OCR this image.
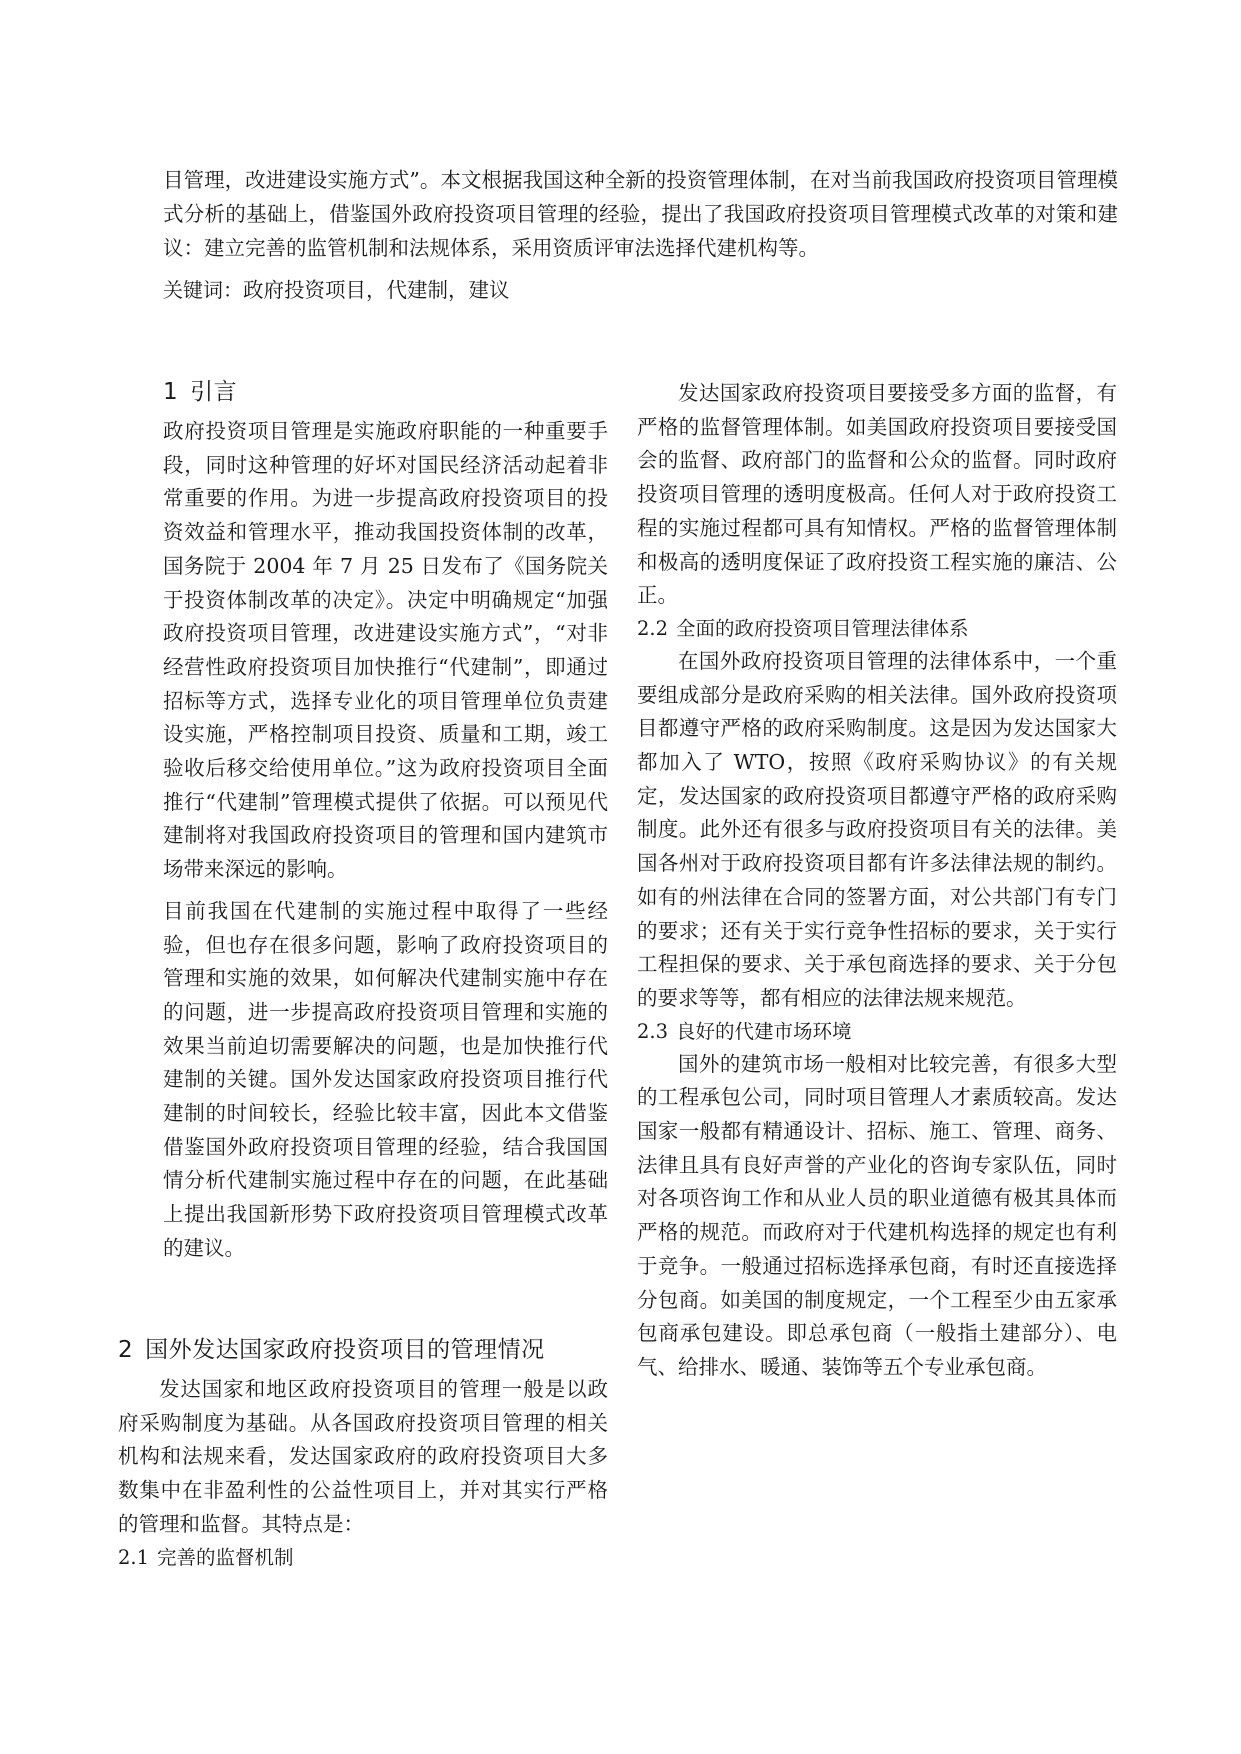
目管理，改进建设实施方式”。本文根据我国这种全新的投资管理体制，在对当前我国政府投资项目管理模式分析的基础上，借鉴国外政府投资项目管理的经验，提出了我国政府投资项目管理模式改革的对策和建议：建立完善的监管机制和法规体系，采用资质评审法选择代建机构等。

关键词：政府投资项目，代建制，建议

1 引言

政府投资项目管理是实施政府职能的一种重要手段，同时这种管理的好坏对国民经济活动起着非常重要的作用。为进一步提高政府投资项目的投资效益和管理水平，推动我国投资体制的改革，国务院于 2004 年 7 月 25 日发布了《国务院关于投资体制改革的决定》。决定中明确规定“加强政府投资项目管理，改进建设实施方式”，“对非经营性政府投资项目加快推行“代建制”，即通过招标等方式，选择专业化的项目管理单位负责建设实施，严格控制项目投资、质量和工期，竣工验收后移交给使用单位。”这为政府投资项目全面推行“代建制”管理模式提供了依据。可以预见代建制将对我国政府投资项目的管理和国内建筑市场带来深远的影响。

目前我国在代建制的实施过程中取得了一些经验，但也存在很多问题，影响了政府投资项目的管理和实施的效果，如何解决代建制实施中存在的问题，进一步提高政府投资项目管理和实施的效果当前迫切需要解决的问题，也是加快推行代建制的关键。国外发达国家政府投资项目推行代建制的时间较长，经验比较丰富，因此本文借鉴借鉴国外政府投资项目管理的经验，结合我国国情分析代建制实施过程中存在的问题，在此基础上提出我国新形势下政府投资项目管理模式改革的建议。

2 国外发达国家政府投资项目的管理情况

发达国家和地区政府投资项目的管理一般是以政府采购制度为基础。从各国政府投资项目管理的相关机构和法规来看，发达国家政府的政府投资项目大多数集中在非盈利性的公益性项目上，并对其实行严格的管理和监督。其特点是：

2.1 完善的监督机制

发达国家政府投资项目要接受多方面的监督，有严格的监督管理体制。如美国政府投资项目要接受国会的监督、政府部门的监督和公众的监督。同时政府投资项目管理的透明度极高。任何人对于政府投资工程的实施过程都可具有知情权。严格的监督管理体制和极高的透明度保证了政府投资工程实施的廉洁、公正。

2.2 全面的政府投资项目管理法律体系

在国外政府投资项目管理的法律体系中，一个重要组成部分是政府采购的相关法律。国外政府投资项目都遵守严格的政府采购制度。这是因为发达国家大都加入了 WTO，按照《政府采购协议》的有关规定，发达国家的政府投资项目都遵守严格的政府采购制度。此外还有很多与政府投资项目有关的法律。美国各州对于政府投资项目都有许多法律法规的制约。如有的州法律在合同的签署方面，对公共部门有专门的要求；还有关于实行竞争性招标的要求，关于实行工程担保的要求、关于承包商选择的要求、关于分包的要求等等，都有相应的法律法规来规范。

2.3 良好的代建市场环境

国外的建筑市场一般相对比较完善，有很多大型的工程承包公司，同时项目管理人才素质较高。发达国家一般都有精通设计、招标、施工、管理、商务、法律且具有良好声誉的产业化的咨询专家队伍，同时对各项咨询工作和从业人员的职业道德有极其具体而严格的规范。而政府对于代建机构选择的规定也有利于竞争。一般通过招标选择承包商，有时还直接选择分包商。如美国的制度规定，一个工程至少由五家承包商承包建设。即总承包商（一般指土建部分）、电气、给排水、暖通、装饰等五个专业承包商。
